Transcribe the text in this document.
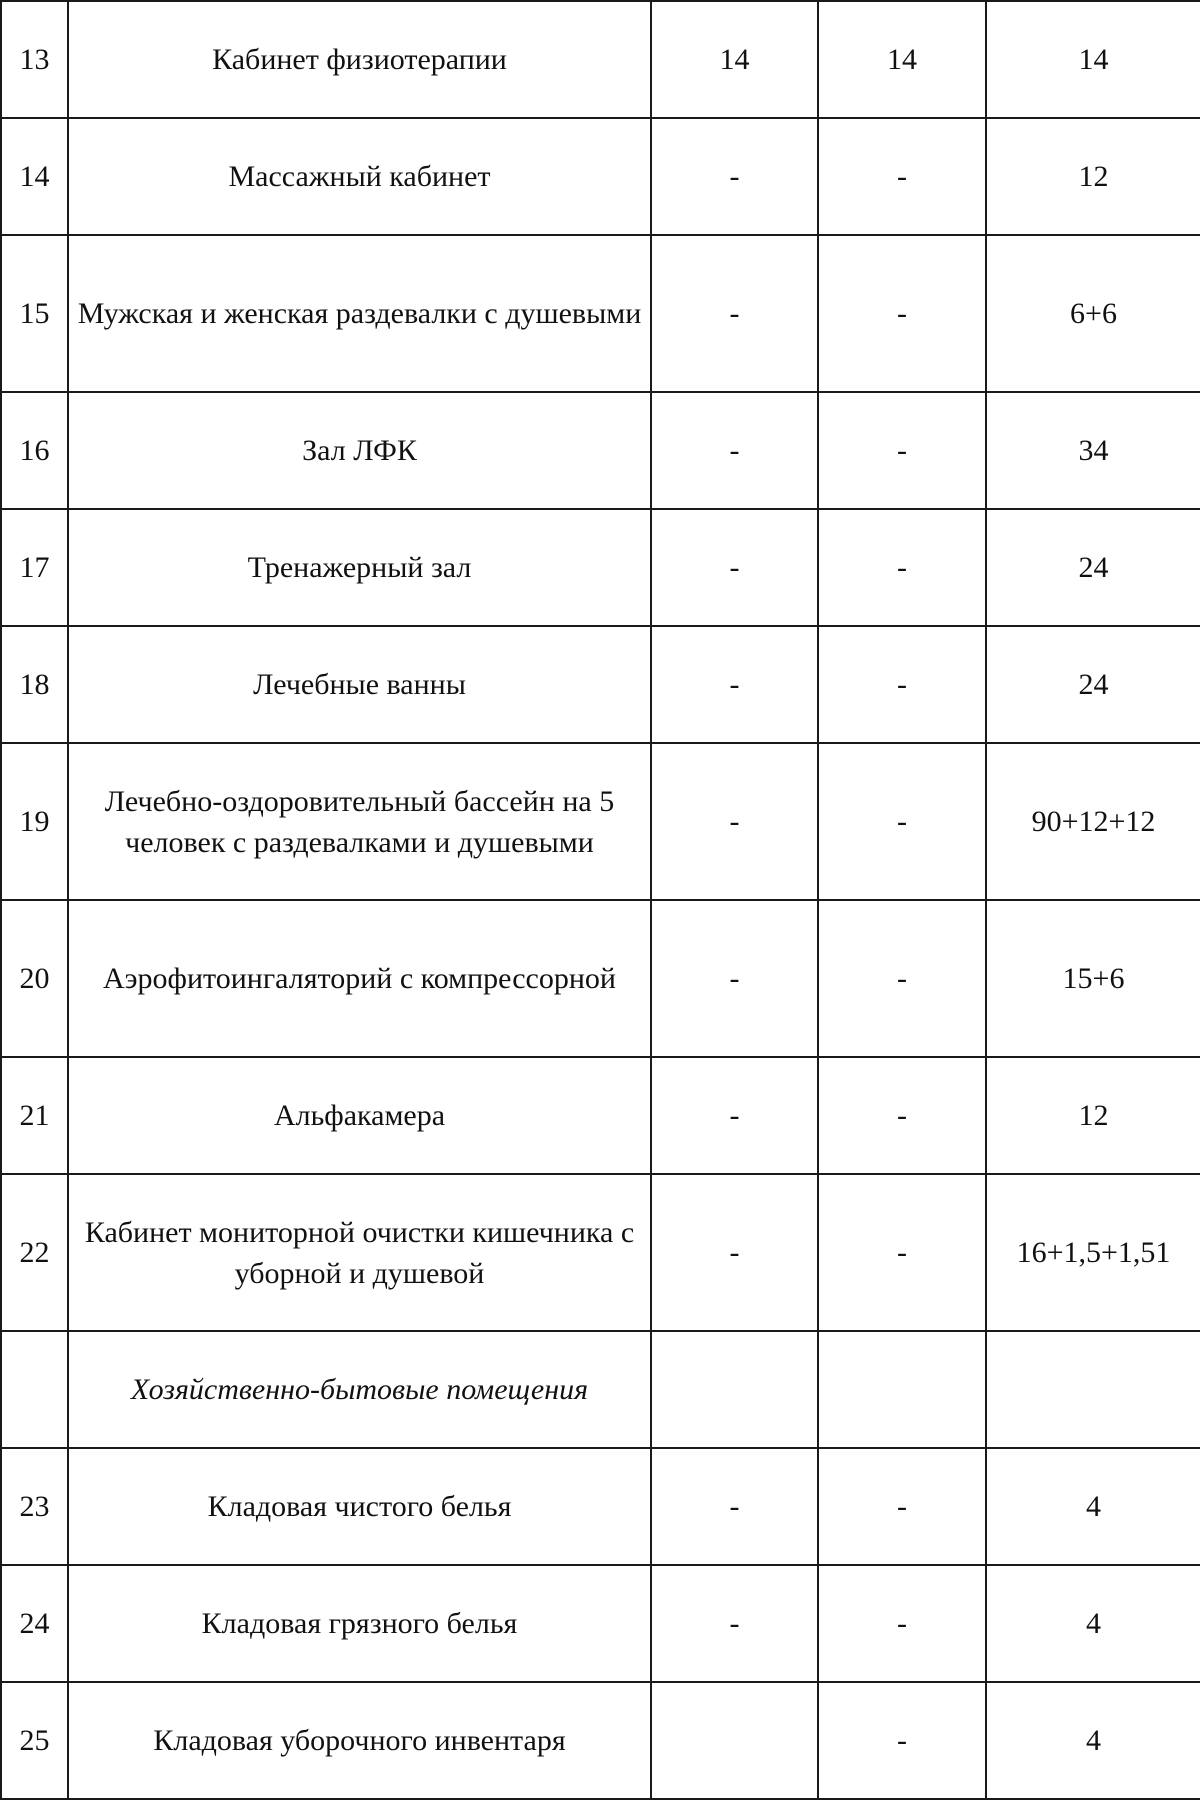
13	Кабинет физиотерапии	14	14	14
14	Массажный кабинет	-	-	12
15	Мужская и женская раздевалки с душевыми	-	-	6+6
16	Зал ЛФК	-	-	34
17	Тренажерный зал	-	-	24
18	Лечебные ванны	-	-	24
19	Лечебно-оздоровительный бассейн на 5 человек с раздевалками и душевыми	-	-	90+12+12
20	Аэрофитоингаляторий с компрессорной	-	-	15+6
21	Альфакамера	-	-	12
22	Кабинет мониторной очистки кишечника с уборной и душевой	-	-	16+1,5+1,51
	Хозяйственно-бытовые помещения			
23	Кладовая чистого белья	-	-	4
24	Кладовая грязного белья	-	-	4
25	Кладовая уборочного инвентаря		-	4
